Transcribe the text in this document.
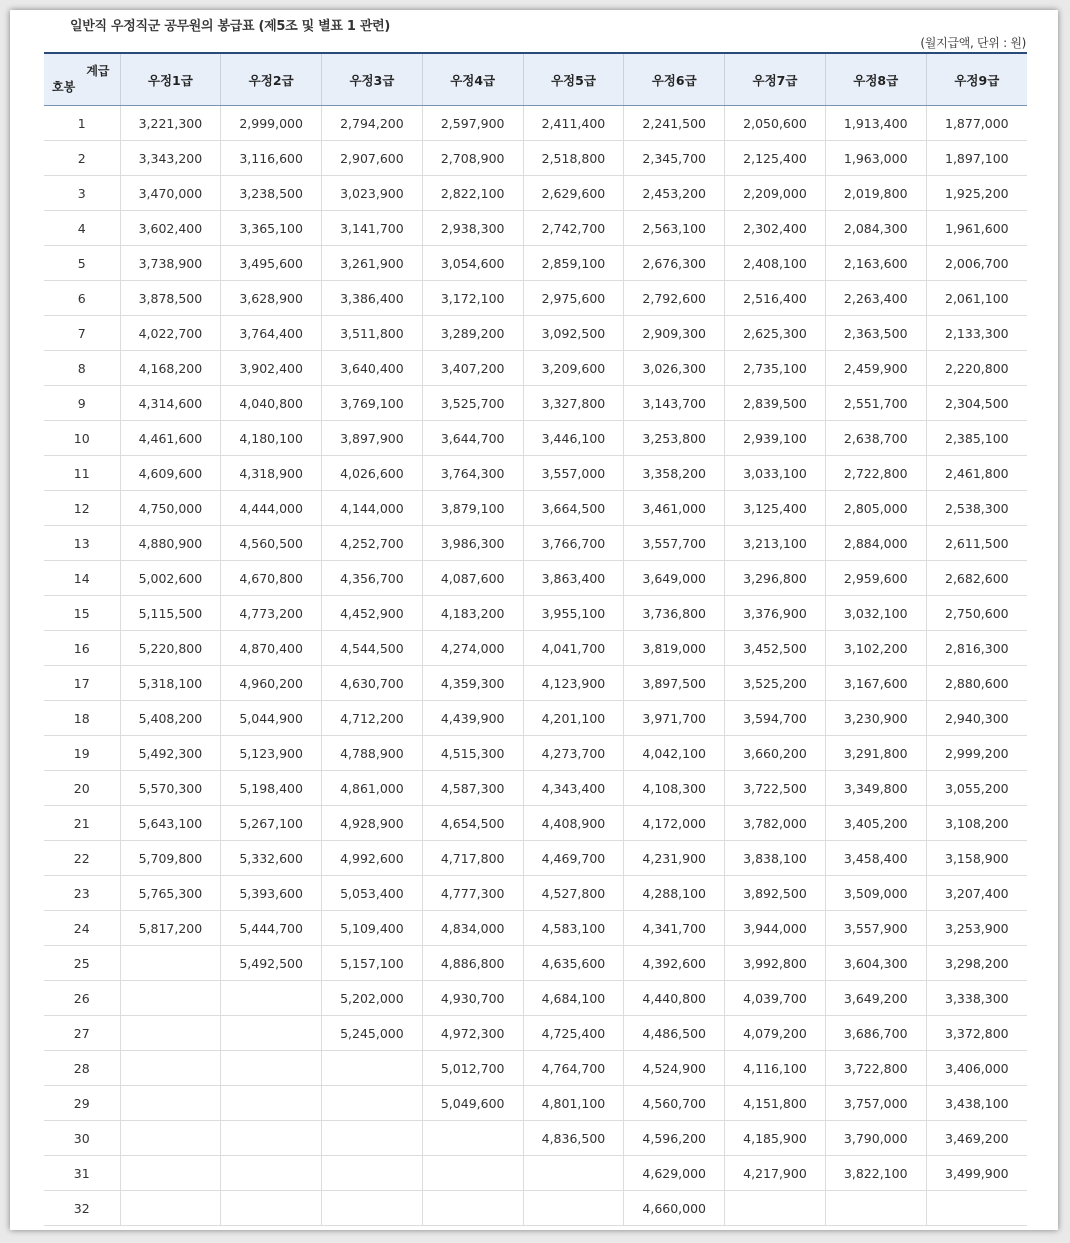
일반직 우정직군 공무원의 봉급표 (제5조 및 별표 1 관련)
(월지급액, 단위 : 원)
계급
호봉	우정1급	우정2급	우정3급	우정4급	우정5급	우정6급	우정7급	우정8급	우정9급
1	3,221,300	2,999,000	2,794,200	2,597,900	2,411,400	2,241,500	2,050,600	1,913,400	1,877,000
2	3,343,200	3,116,600	2,907,600	2,708,900	2,518,800	2,345,700	2,125,400	1,963,000	1,897,100
3	3,470,000	3,238,500	3,023,900	2,822,100	2,629,600	2,453,200	2,209,000	2,019,800	1,925,200
4	3,602,400	3,365,100	3,141,700	2,938,300	2,742,700	2,563,100	2,302,400	2,084,300	1,961,600
5	3,738,900	3,495,600	3,261,900	3,054,600	2,859,100	2,676,300	2,408,100	2,163,600	2,006,700
6	3,878,500	3,628,900	3,386,400	3,172,100	2,975,600	2,792,600	2,516,400	2,263,400	2,061,100
7	4,022,700	3,764,400	3,511,800	3,289,200	3,092,500	2,909,300	2,625,300	2,363,500	2,133,300
8	4,168,200	3,902,400	3,640,400	3,407,200	3,209,600	3,026,300	2,735,100	2,459,900	2,220,800
9	4,314,600	4,040,800	3,769,100	3,525,700	3,327,800	3,143,700	2,839,500	2,551,700	2,304,500
10	4,461,600	4,180,100	3,897,900	3,644,700	3,446,100	3,253,800	2,939,100	2,638,700	2,385,100
11	4,609,600	4,318,900	4,026,600	3,764,300	3,557,000	3,358,200	3,033,100	2,722,800	2,461,800
12	4,750,000	4,444,000	4,144,000	3,879,100	3,664,500	3,461,000	3,125,400	2,805,000	2,538,300
13	4,880,900	4,560,500	4,252,700	3,986,300	3,766,700	3,557,700	3,213,100	2,884,000	2,611,500
14	5,002,600	4,670,800	4,356,700	4,087,600	3,863,400	3,649,000	3,296,800	2,959,600	2,682,600
15	5,115,500	4,773,200	4,452,900	4,183,200	3,955,100	3,736,800	3,376,900	3,032,100	2,750,600
16	5,220,800	4,870,400	4,544,500	4,274,000	4,041,700	3,819,000	3,452,500	3,102,200	2,816,300
17	5,318,100	4,960,200	4,630,700	4,359,300	4,123,900	3,897,500	3,525,200	3,167,600	2,880,600
18	5,408,200	5,044,900	4,712,200	4,439,900	4,201,100	3,971,700	3,594,700	3,230,900	2,940,300
19	5,492,300	5,123,900	4,788,900	4,515,300	4,273,700	4,042,100	3,660,200	3,291,800	2,999,200
20	5,570,300	5,198,400	4,861,000	4,587,300	4,343,400	4,108,300	3,722,500	3,349,800	3,055,200
21	5,643,100	5,267,100	4,928,900	4,654,500	4,408,900	4,172,000	3,782,000	3,405,200	3,108,200
22	5,709,800	5,332,600	4,992,600	4,717,800	4,469,700	4,231,900	3,838,100	3,458,400	3,158,900
23	5,765,300	5,393,600	5,053,400	4,777,300	4,527,800	4,288,100	3,892,500	3,509,000	3,207,400
24	5,817,200	5,444,700	5,109,400	4,834,000	4,583,100	4,341,700	3,944,000	3,557,900	3,253,900
25		5,492,500	5,157,100	4,886,800	4,635,600	4,392,600	3,992,800	3,604,300	3,298,200
26			5,202,000	4,930,700	4,684,100	4,440,800	4,039,700	3,649,200	3,338,300
27			5,245,000	4,972,300	4,725,400	4,486,500	4,079,200	3,686,700	3,372,800
28				5,012,700	4,764,700	4,524,900	4,116,100	3,722,800	3,406,000
29				5,049,600	4,801,100	4,560,700	4,151,800	3,757,000	3,438,100
30					4,836,500	4,596,200	4,185,900	3,790,000	3,469,200
31						4,629,000	4,217,900	3,822,100	3,499,900
32						4,660,000			
